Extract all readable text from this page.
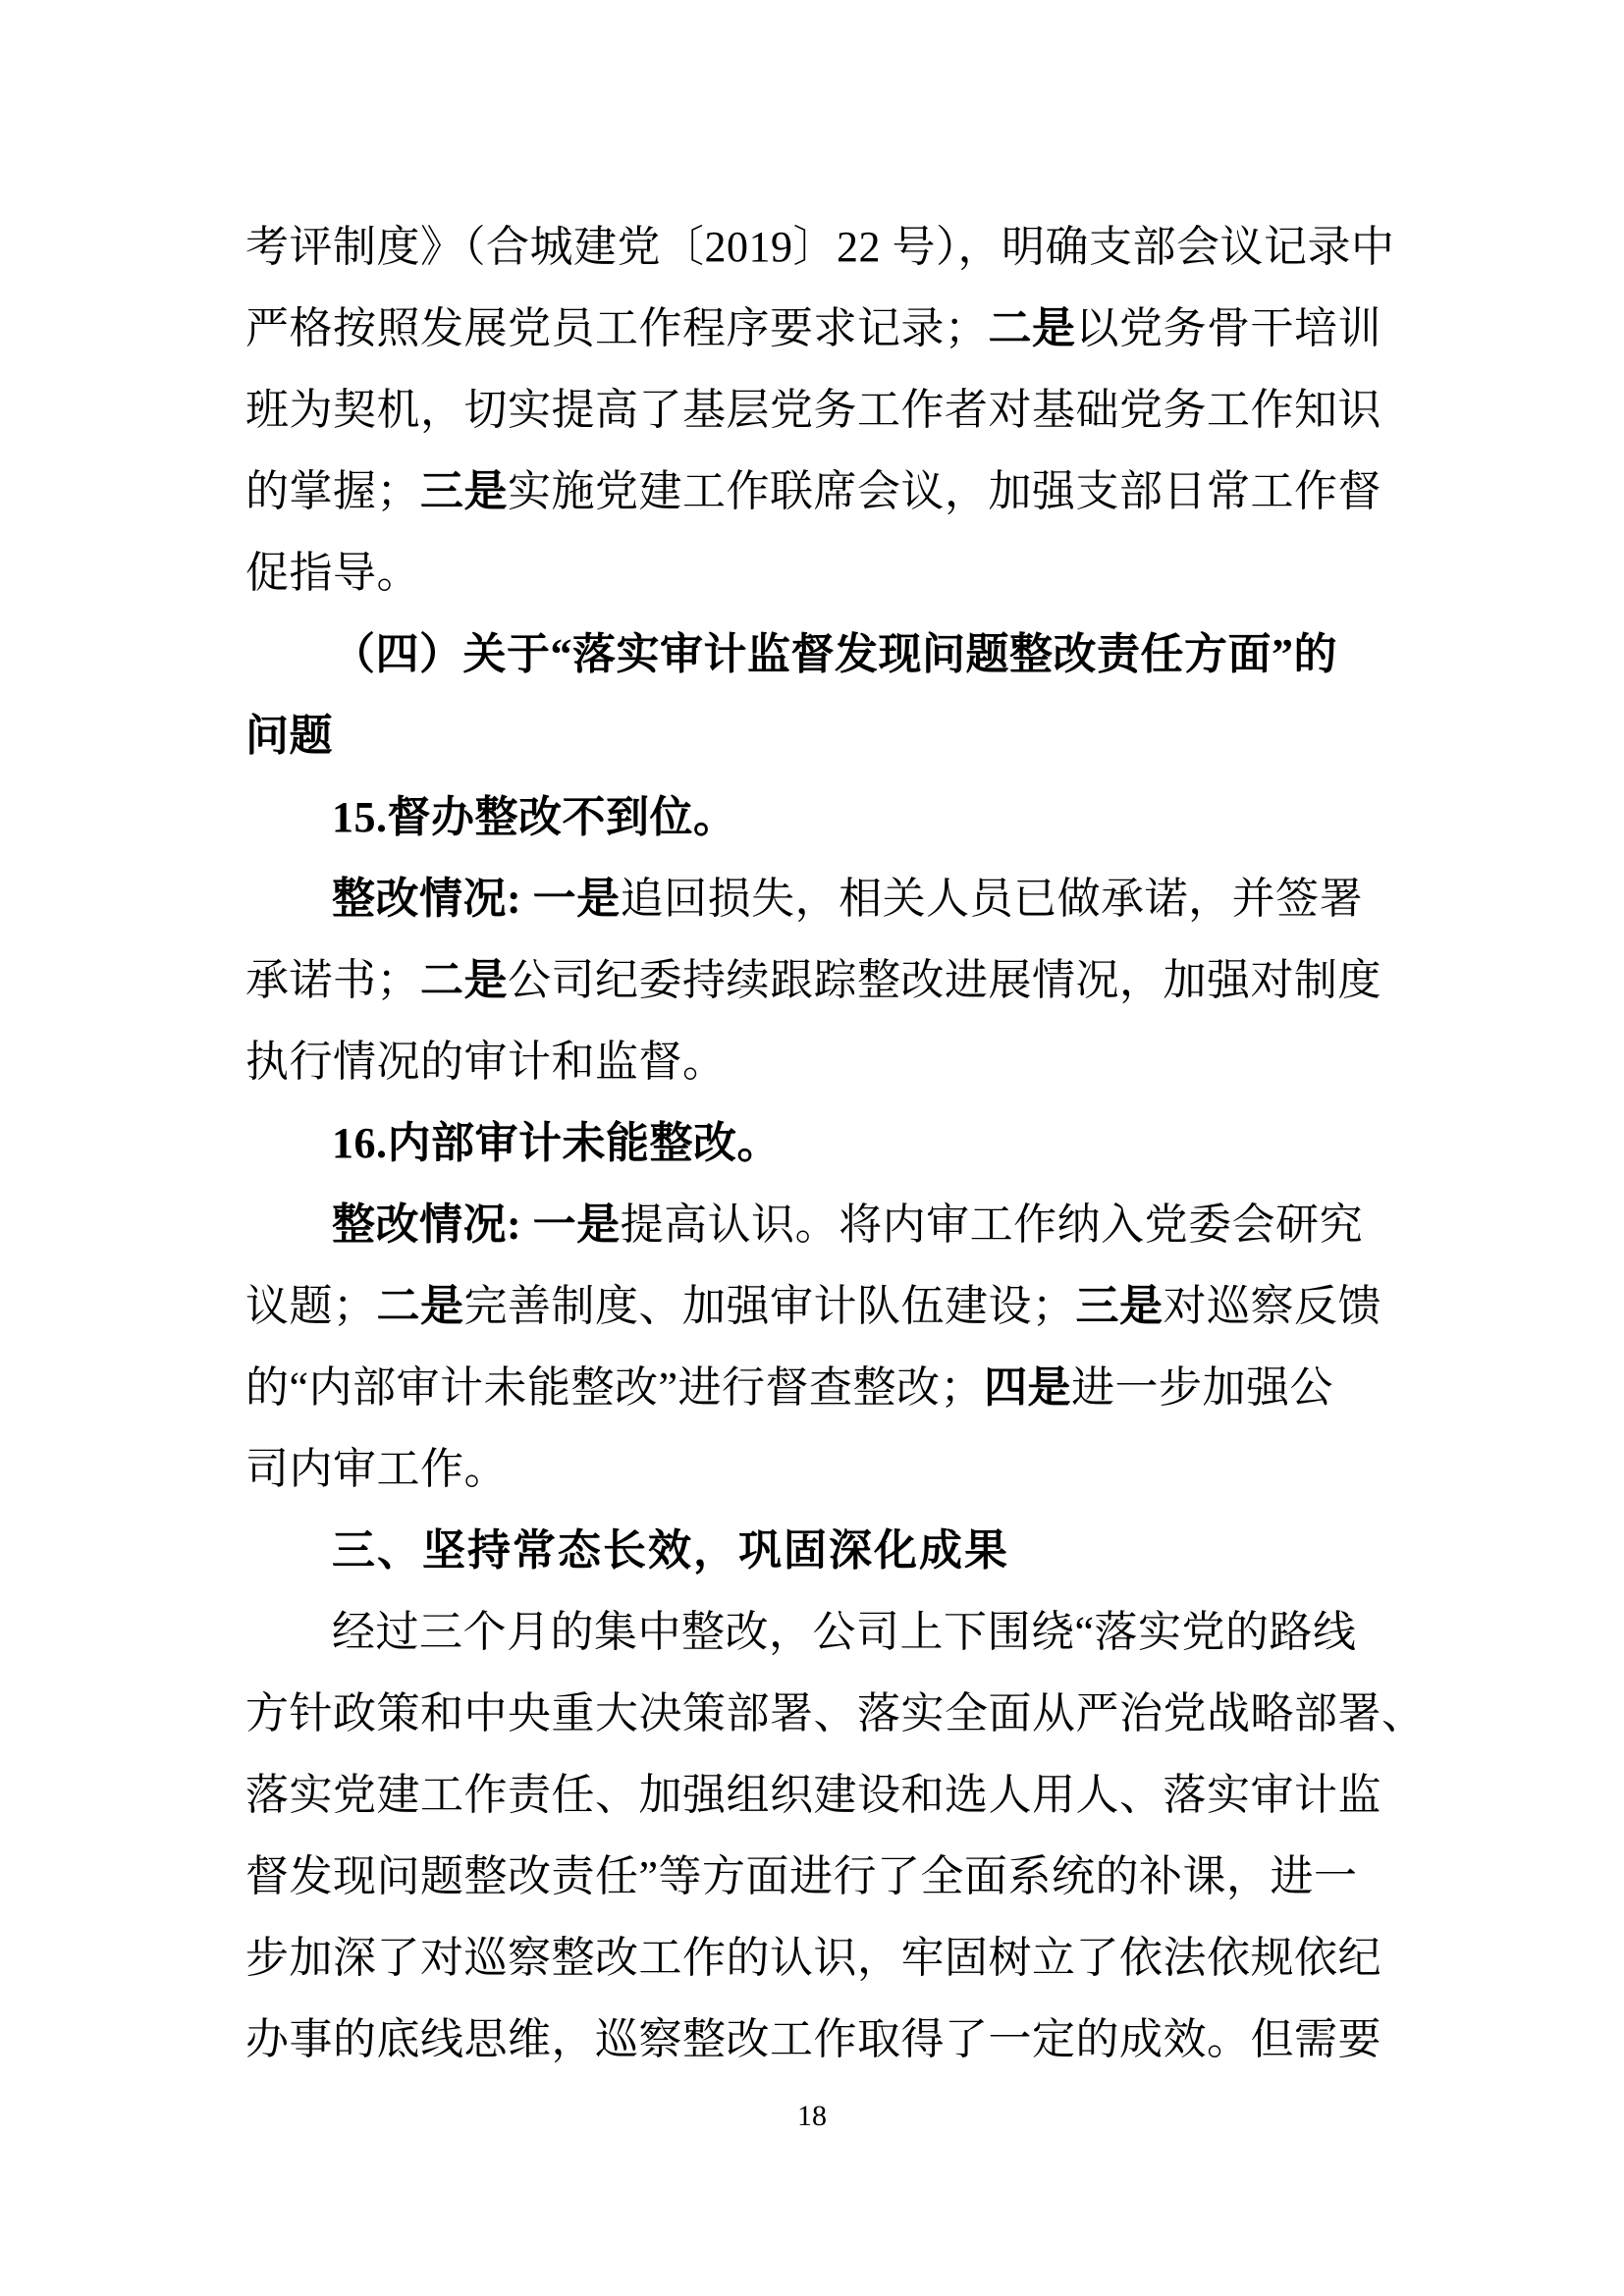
考评制度》（合城建党〔2019〕22 号），明确支部会议记录中
严格按照发展党员工作程序要求记录；二是以党务骨干培训
班为契机，切实提高了基层党务工作者对基础党务工作知识
的掌握；三是实施党建工作联席会议，加强支部日常工作督
促指导。
（四）关于“落实审计监督发现问题整改责任方面”的
问题
15.督办整改不到位。
整改情况: 一是追回损失，相关人员已做承诺，并签署
承诺书；二是公司纪委持续跟踪整改进展情况，加强对制度
执行情况的审计和监督。
16.内部审计未能整改。
整改情况: 一是提高认识。将内审工作纳入党委会研究
议题；二是完善制度、加强审计队伍建设；三是对巡察反馈
的“内部审计未能整改”进行督查整改；四是进一步加强公
司内审工作。
三、坚持常态长效，巩固深化成果
经过三个月的集中整改，公司上下围绕“落实党的路线
方针政策和中央重大决策部署、落实全面从严治党战略部署、
落实党建工作责任、加强组织建设和选人用人、落实审计监
督发现问题整改责任”等方面进行了全面系统的补课，进一
步加深了对巡察整改工作的认识，牢固树立了依法依规依纪
办事的底线思维，巡察整改工作取得了一定的成效。但需要
18
